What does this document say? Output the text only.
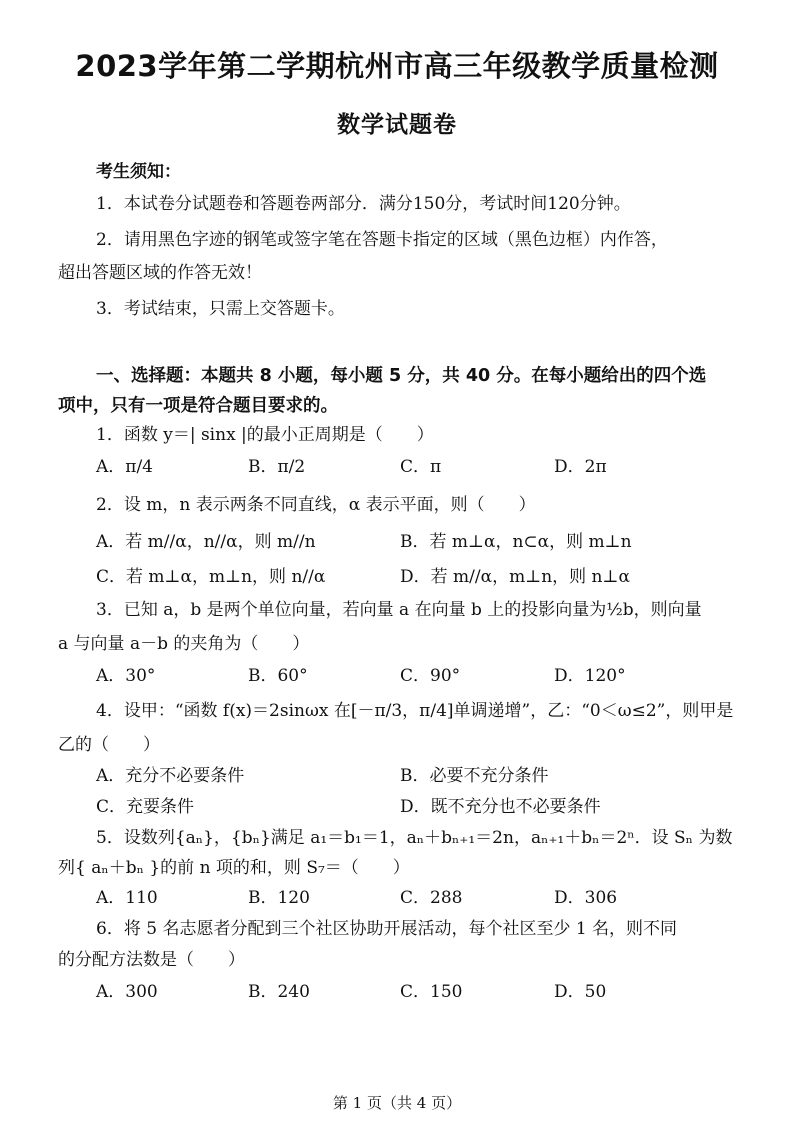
2023学年第二学期杭州市高三年级教学质量检测
数学试题卷
考生须知：
1．本试卷分试题卷和答题卷两部分．满分150分，考试时间120分钟。
2．请用黑色字迹的钢笔或签字笔在答题卡指定的区域（黑色边框）内作答，
超出答题区域的作答无效！
3．考试结束，只需上交答题卡。
一、选择题：本题共 8 小题，每小题 5 分，共 40 分。在每小题给出的四个选
项中，只有一项是符合题目要求的。
1．函数 y＝| sinx |的最小正周期是（　　）
A．π/4	B．π/2	C．π	D．2π
2．设 m，n 表示两条不同直线，α 表示平面，则（　　）
A．若 m//α，n//α，则 m//n	B．若 m⊥α，n⊂α，则 m⊥n
C．若 m⊥α，m⊥n，则 n//α	D．若 m//α，m⊥n，则 n⊥α
3．已知 a，b 是两个单位向量，若向量 a 在向量 b 上的投影向量为½b，则向量
a 与向量 a－b 的夹角为（　　）
A．30°	B．60°	C．90°	D．120°
4．设甲：“函数 f(x)＝2sinωx 在[－π/3，π/4]单调递增”，乙：“0＜ω≤2”，则甲是
乙的（　　）
A．充分不必要条件	B．必要不充分条件
C．充要条件	D．既不充分也不必要条件
5．设数列{aₙ}，{bₙ}满足 a₁＝b₁＝1，aₙ＋bₙ₊₁＝2n，aₙ₊₁＋bₙ＝2ⁿ．设 Sₙ 为数
列{ aₙ＋bₙ }的前 n 项的和，则 S₇＝（　　）
A．110	B．120	C．288	D．306
6．将 5 名志愿者分配到三个社区协助开展活动，每个社区至少 1 名，则不同
的分配方法数是（　　）
A．300	B．240	C．150	D．50
第 1 页（共 4 页）
